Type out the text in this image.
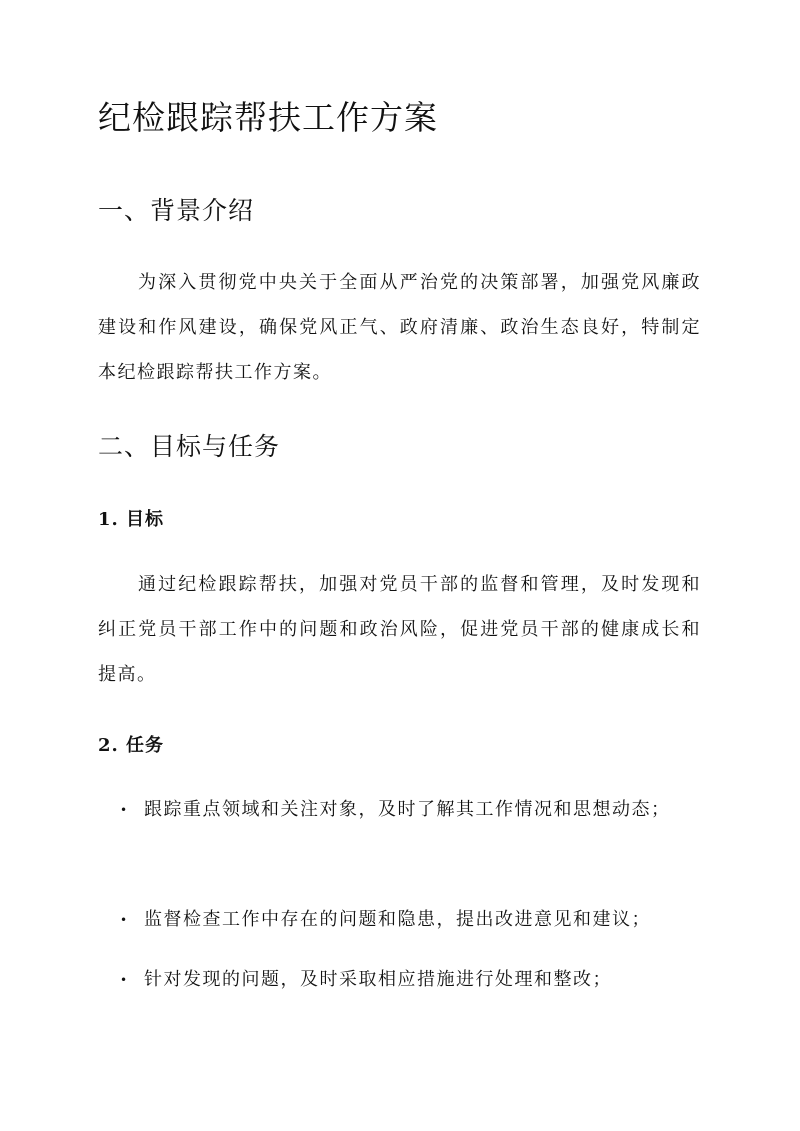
纪检跟踪帮扶工作方案
一、背景介绍

为深入贯彻党中央关于全面从严治党的决策部署，加强党风廉政建设和作风建设，确保党风正气、政府清廉、政治生态良好，特制定本纪检跟踪帮扶工作方案。

二、目标与任务
1. 目标

通过纪检跟踪帮扶，加强对党员干部的监督和管理，及时发现和纠正党员干部工作中的问题和政治风险，促进党员干部的健康成长和提高。

2. 任务
• 跟踪重点领域和关注对象，及时了解其工作情况和思想动态；
• 监督检查工作中存在的问题和隐患，提出改进意见和建议；
• 针对发现的问题，及时采取相应措施进行处理和整改；
